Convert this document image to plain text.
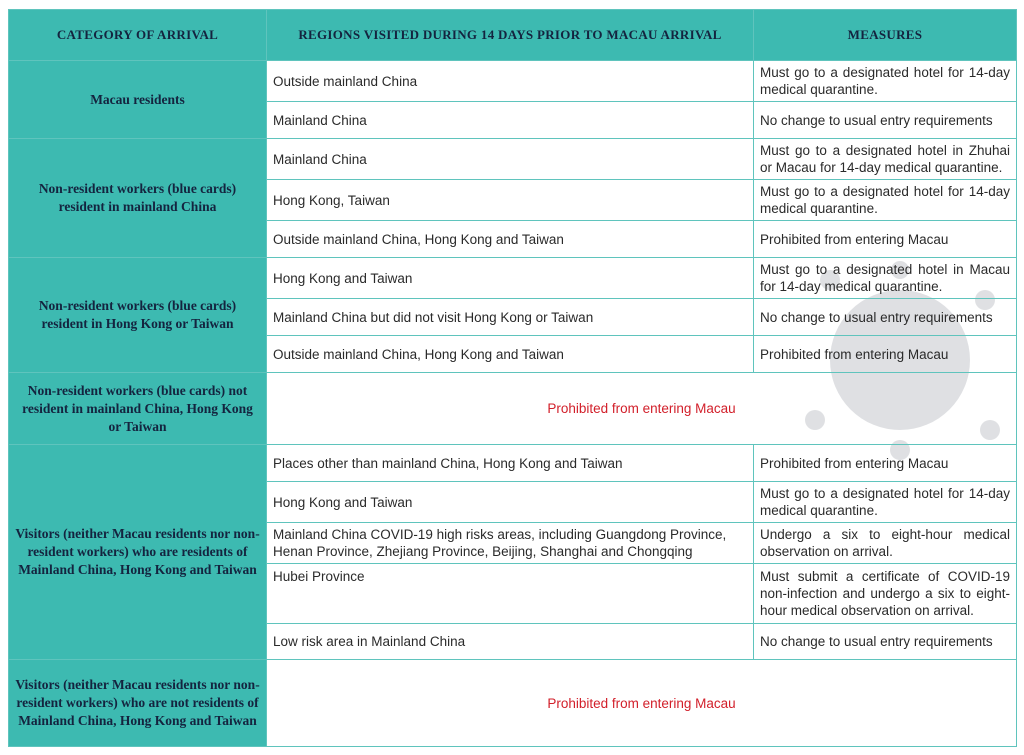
CATEGORY OF ARRIVAL	REGIONS VISITED DURING 14 DAYS PRIOR TO MACAU ARRIVAL	MEASURES
Macau residents	Outside mainland China	Must go to a designated hotel for 14-day medical quarantine.
	Mainland China	No change to usual entry requirements
Non-resident workers (blue cards) resident in mainland China	Mainland China	Must go to a designated hotel in Zhuhai or Macau for 14-day medical quarantine.
	Hong Kong, Taiwan	Must go to a designated hotel for 14-day medical quarantine.
	Outside mainland China, Hong Kong and Taiwan	Prohibited from entering Macau
Non-resident workers (blue cards) resident in Hong Kong or Taiwan	Hong Kong and Taiwan	Must go to a designated hotel in Macau for 14-day medical quarantine.
	Mainland China but did not visit Hong Kong or Taiwan	No change to usual entry requirements
	Outside mainland China, Hong Kong and Taiwan	Prohibited from entering Macau
Non-resident workers (blue cards) not resident in mainland China, Hong Kong or Taiwan	Prohibited from entering Macau	
Visitors (neither Macau residents nor non-resident workers) who are residents of Mainland China, Hong Kong and Taiwan	Places other than mainland China, Hong Kong and Taiwan	Prohibited from entering Macau
	Hong Kong and Taiwan	Must go to a designated hotel for 14-day medical quarantine.
	Mainland China COVID-19 high risks areas, including Guangdong Province, Henan Province, Zhejiang Province, Beijing, Shanghai and Chongqing	Undergo a six to eight-hour medical observation on arrival.
	Hubei Province	Must submit a certificate of COVID-19 non-infection and undergo a six to eight-hour medical observation on arrival.
	Low risk area in Mainland China	No change to usual entry requirements
Visitors (neither Macau residents nor non-resident workers) who are not residents of Mainland China, Hong Kong and Taiwan	Prohibited from entering Macau	
